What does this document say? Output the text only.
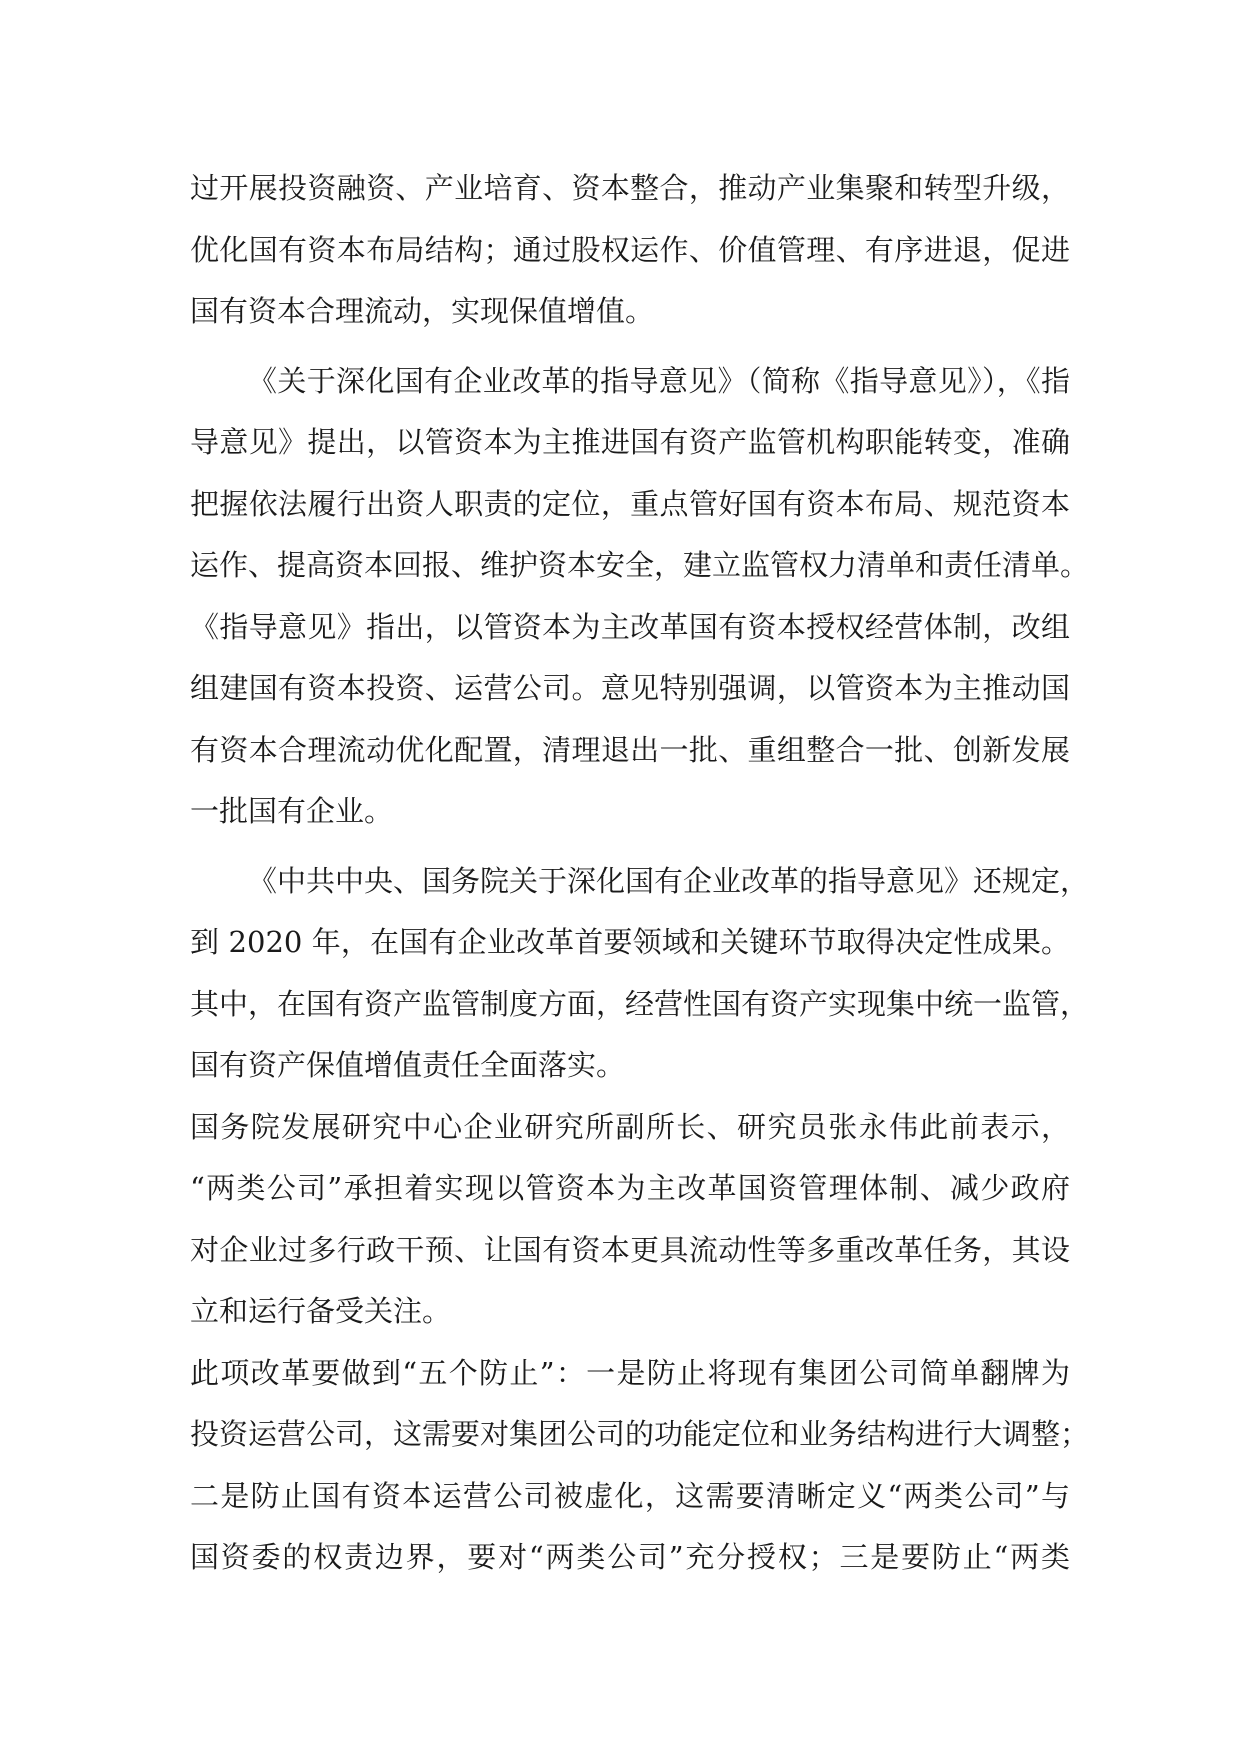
过开展投资融资、产业培育、资本整合，推动产业集聚和转型升级，
优化国有资本布局结构；通过股权运作、价值管理、有序进退，促进
国有资本合理流动，实现保值增值。
《关于深化国有企业改革的指导意见》（简称《指导意见》），《指
导意见》提出，以管资本为主推进国有资产监管机构职能转变，准确
把握依法履行出资人职责的定位，重点管好国有资本布局、规范资本
运作、提高资本回报、维护资本安全，建立监管权力清单和责任清单。
《指导意见》指出，以管资本为主改革国有资本授权经营体制，改组
组建国有资本投资、运营公司。意见特别强调，以管资本为主推动国
有资本合理流动优化配置，清理退出一批、重组整合一批、创新发展
一批国有企业。
《中共中央、国务院关于深化国有企业改革的指导意见》还规定，
到 2020 年，在国有企业改革首要领域和关键环节取得决定性成果。
其中，在国有资产监管制度方面，经营性国有资产实现集中统一监管，
国有资产保值增值责任全面落实。
国务院发展研究中心企业研究所副所长、研究员张永伟此前表示，
“两类公司”承担着实现以管资本为主改革国资管理体制、减少政府
对企业过多行政干预、让国有资本更具流动性等多重改革任务，其设
立和运行备受关注。
此项改革要做到“五个防止”：一是防止将现有集团公司简单翻牌为
投资运营公司，这需要对集团公司的功能定位和业务结构进行大调整；
二是防止国有资本运营公司被虚化，这需要清晰定义“两类公司”与
国资委的权责边界，要对“两类公司”充分授权；三是要防止“两类
